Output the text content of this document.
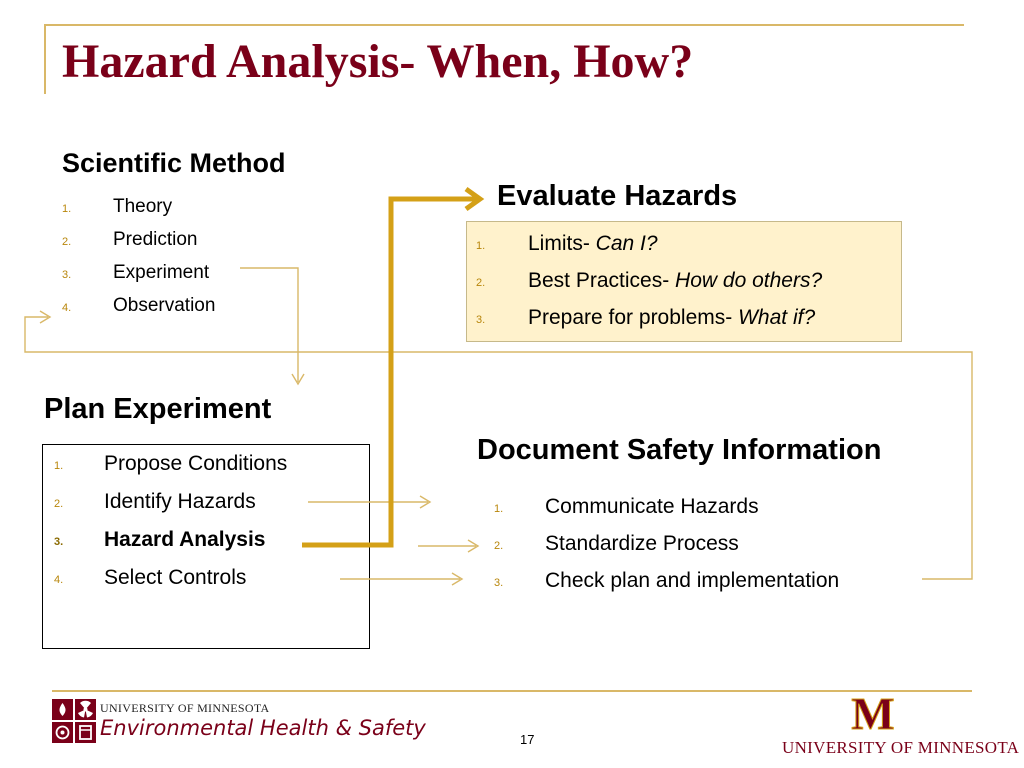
Hazard Analysis- When, How?
Scientific Method
1. Theory
2. Prediction
3. Experiment
4. Observation
Evaluate Hazards
1. Limits- Can I?
2. Best Practices- How do others?
3. Prepare for problems- What if?
Plan Experiment
1. Propose Conditions
2. Identify Hazards
3. Hazard Analysis
4. Select Controls
Document Safety Information
1. Communicate Hazards
2. Standardize Process
3. Check plan and implementation
UNIVERSITY OF MINNESOTA
Environmental Health & Safety	17
M
UNIVERSITY OF MINNESOTA
